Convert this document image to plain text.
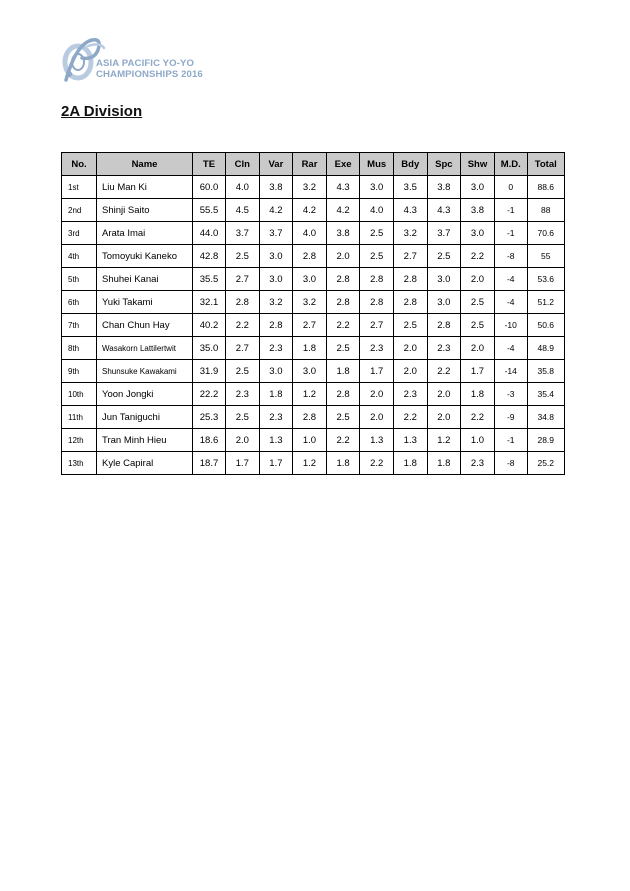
ASIA PACIFIC YO-YO
CHAMPIONSHIPS 2016
2A Division
No.	Name	TE	Cln	Var	Rar	Exe	Mus	Bdy	Spc	Shw	M.D.	Total
1st	Liu Man Ki	60.0	4.0	3.8	3.2	4.3	3.0	3.5	3.8	3.0	0	88.6
2nd	Shinji Saito	55.5	4.5	4.2	4.2	4.2	4.0	4.3	4.3	3.8	-1	88
3rd	Arata Imai	44.0	3.7	3.7	4.0	3.8	2.5	3.2	3.7	3.0	-1	70.6
4th	Tomoyuki Kaneko	42.8	2.5	3.0	2.8	2.0	2.5	2.7	2.5	2.2	-8	55
5th	Shuhei Kanai	35.5	2.7	3.0	3.0	2.8	2.8	2.8	3.0	2.0	-4	53.6
6th	Yuki Takami	32.1	2.8	3.2	3.2	2.8	2.8	2.8	3.0	2.5	-4	51.2
7th	Chan Chun Hay	40.2	2.2	2.8	2.7	2.2	2.7	2.5	2.8	2.5	-10	50.6
8th	Wasakorn Lattilertwit	35.0	2.7	2.3	1.8	2.5	2.3	2.0	2.3	2.0	-4	48.9
9th	Shunsuke Kawakami	31.9	2.5	3.0	3.0	1.8	1.7	2.0	2.2	1.7	-14	35.8
10th	Yoon Jongki	22.2	2.3	1.8	1.2	2.8	2.0	2.3	2.0	1.8	-3	35.4
11th	Jun Taniguchi	25.3	2.5	2.3	2.8	2.5	2.0	2.2	2.0	2.2	-9	34.8
12th	Tran Minh Hieu	18.6	2.0	1.3	1.0	2.2	1.3	1.3	1.2	1.0	-1	28.9
13th	Kyle Capiral	18.7	1.7	1.7	1.2	1.8	2.2	1.8	1.8	2.3	-8	25.2
